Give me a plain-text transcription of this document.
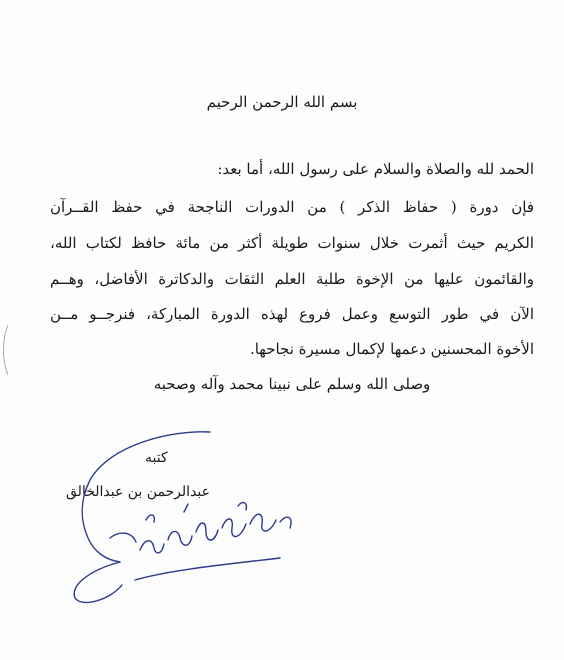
بسم الله الرحمن الرحيم
الحمد لله والصلاة والسلام على رسول الله، أما بعد:
فإن دورة ( حفاظ الذكر ) من الدورات الناجحة في حفظ القــرآن
الكريم حيث أثمرت خلال سنوات طويلة أكثر من مائة حافظ لكتاب الله،
والقائمون عليها من الإخوة طلبة العلم الثقات والدكاترة الأفاضل، وهــم
الآن في طور التوسع وعمل فروع لهذه الدورة المباركة، فنرجــو مــن
الأخوة المحسنين دعمها لإكمال مسيرة نجاحها.
وصلى الله وسلم على نبينا محمد وآله وصحبه
كتبه
عبدالرحمن بن عبدالخالق
